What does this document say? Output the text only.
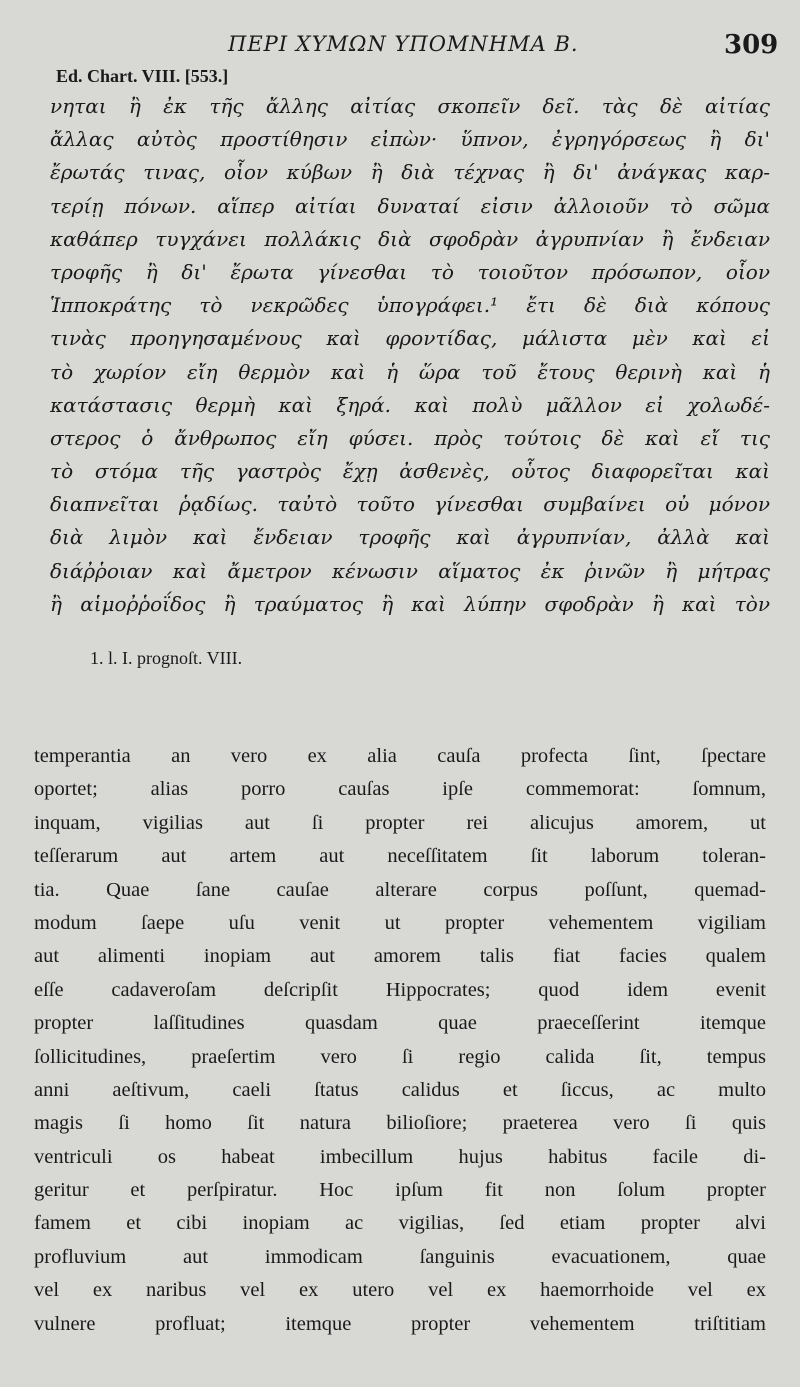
ΠΕΡΙ ΧΥΜΩΝ ΥΠΟΜΝΗΜΑ Β.	309
Ed. Chart. VIII. [553.]
νηται ἢ ἐκ τῆς ἄλλης αἰτίας σκοπεῖν δεῖ. τὰς δὲ αἰτίας
ἄλλας αὐτὸς προστίθησιν εἰπὼν· ὕπνον, ἐγρηγόρσεως ἢ δι'
ἔρωτάς τινας, οἷον κύβων ἢ διὰ τέχνας ἢ δι' ἀνάγκας καρ-
τερίῃ πόνων. αἵπερ αἰτίαι δυναταί εἰσιν ἀλλοιοῦν τὸ σῶμα
καθάπερ τυγχάνει πολλάκις διὰ σφοδρὰν ἀγρυπνίαν ἢ ἔνδειαν
τροφῆς ἢ δι' ἔρωτα γίνεσθαι τὸ τοιοῦτον πρόσωπον, οἷον
Ἱπποκράτης τὸ νεκρῶδες ὑπογράφει.¹ ἔτι δὲ διὰ κόπους
τινὰς προηγησαμένους καὶ φροντίδας, μάλιστα μὲν καὶ εἰ
τὸ χωρίον εἴη θερμὸν καὶ ἡ ὥρα τοῦ ἔτους θερινὴ καὶ ἡ
κατάστασις θερμὴ καὶ ξηρά. καὶ πολὺ μᾶλλον εἰ χολωδέ-
στερος ὁ ἄνθρωπος εἴη φύσει. πρὸς τούτοις δὲ καὶ εἴ τις
τὸ στόμα τῆς γαστρὸς ἔχῃ ἀσθενὲς, οὗτος διαφορεῖται καὶ
διαπνεῖται ῥᾳδίως. ταὐτὸ τοῦτο γίνεσθαι συμβαίνει οὐ μόνον
διὰ λιμὸν καὶ ἔνδειαν τροφῆς καὶ ἀγρυπνίαν, ἀλλὰ καὶ
διάῤῥοιαν καὶ ἄμετρον κένωσιν αἵματος ἐκ ῥινῶν ἢ μήτρας
ἢ αἱμοῤῥοΐδος ἢ τραύματος ἢ καὶ λύπην σφοδρὰν ἢ καὶ τὸν
1. l. I. prognoſt. VIII.
temperantia an vero ex alia cauſa profecta ſint, ſpectare
oportet; alias porro cauſas ipſe commemorat: ſomnum,
inquam, vigilias aut ſi propter rei alicujus amorem, ut
teſſerarum aut artem aut neceſſitatem ſit laborum toleran-
tia. Quae ſane cauſae alterare corpus poſſunt, quemad-
modum ſaepe uſu venit ut propter vehementem vigiliam
aut alimenti inopiam aut amorem talis fiat facies qualem
eſſe cadaveroſam deſcripſit Hippocrates; quod idem evenit
propter laſſitudines quasdam quae praeceſſerint itemque
ſollicitudines, praeſertim vero ſi regio calida ſit, tempus
anni aeſtivum, caeli ſtatus calidus et ſiccus, ac multo
magis ſi homo ſit natura bilioſiore; praeterea vero ſi quis
ventriculi os habeat imbecillum hujus habitus facile di-
geritur et perſpiratur. Hoc ipſum fit non ſolum propter
famem et cibi inopiam ac vigilias, ſed etiam propter alvi
profluvium aut immodicam ſanguinis evacuationem, quae
vel ex naribus vel ex utero vel ex haemorrhoide vel ex
vulnere profluat; itemque propter vehementem triſtitiam
